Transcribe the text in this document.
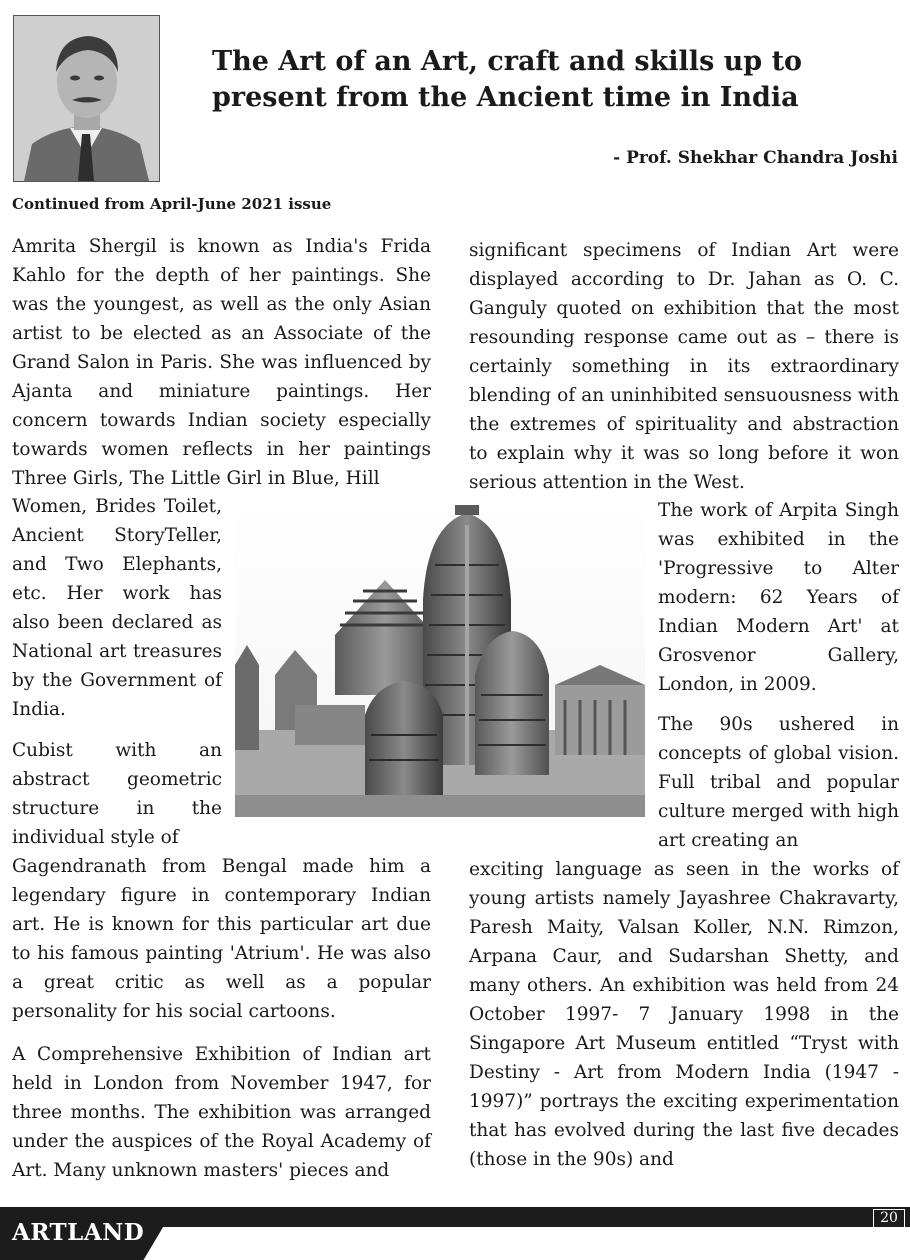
The Art of an Art, craft and skills up to present from the Ancient time in India

- Prof. Shekhar Chandra Joshi

Continued from April-June 2021 issue

Amrita Shergil is known as India's Frida Kahlo for the depth of her paintings. She was the youngest, as well as the only Asian artist to be elected as an Associate of the Grand Salon in Paris. She was influenced by Ajanta and miniature paintings. Her concern towards Indian society especially towards women reflects in her paintings Three Girls, The Little Girl in Blue, Hill

Women, Brides Toilet, Ancient StoryTeller, and Two Elephants, etc. Her work has also been declared as National art treasures by the Government of India.

Cubist with an abstract geometric structure in the individual style of

Gagendranath from Bengal made him a legendary figure in contemporary Indian art. He is known for this particular art due to his famous painting 'Atrium'. He was also a great critic as well as a popular personality for his social cartoons.

A Comprehensive Exhibition of Indian art held in London from November 1947, for three months. The exhibition was arranged under the auspices of the Royal Academy of Art. Many unknown masters' pieces and

significant specimens of Indian Art were displayed according to Dr. Jahan as O. C. Ganguly quoted on exhibition that the most resounding response came out as – there is certainly something in its extraordinary blending of an uninhibited sensuousness with the extremes of spirituality and abstraction to explain why it was so long before it won serious attention in the West.

The work of Arpita Singh was exhibited in the 'Progressive to Alter modern: 62 Years of Indian Modern Art' at Grosvenor Gallery, London, in 2009.

The 90s ushered in concepts of global vision. Full tribal and popular culture merged with high art creating an

exciting language as seen in the works of young artists namely Jayashree Chakravarty, Paresh Maity, Valsan Koller, N.N. Rimzon, Arpana Caur, and Sudarshan Shetty, and many others. An exhibition was held from 24 October 1997- 7 January 1998 in the Singapore Art Museum entitled “Tryst with Destiny - Art from Modern India (1947 - 1997)” portrays the exciting experimentation that has evolved during the last five decades (those in the 90s) and

ARTLAND

20
